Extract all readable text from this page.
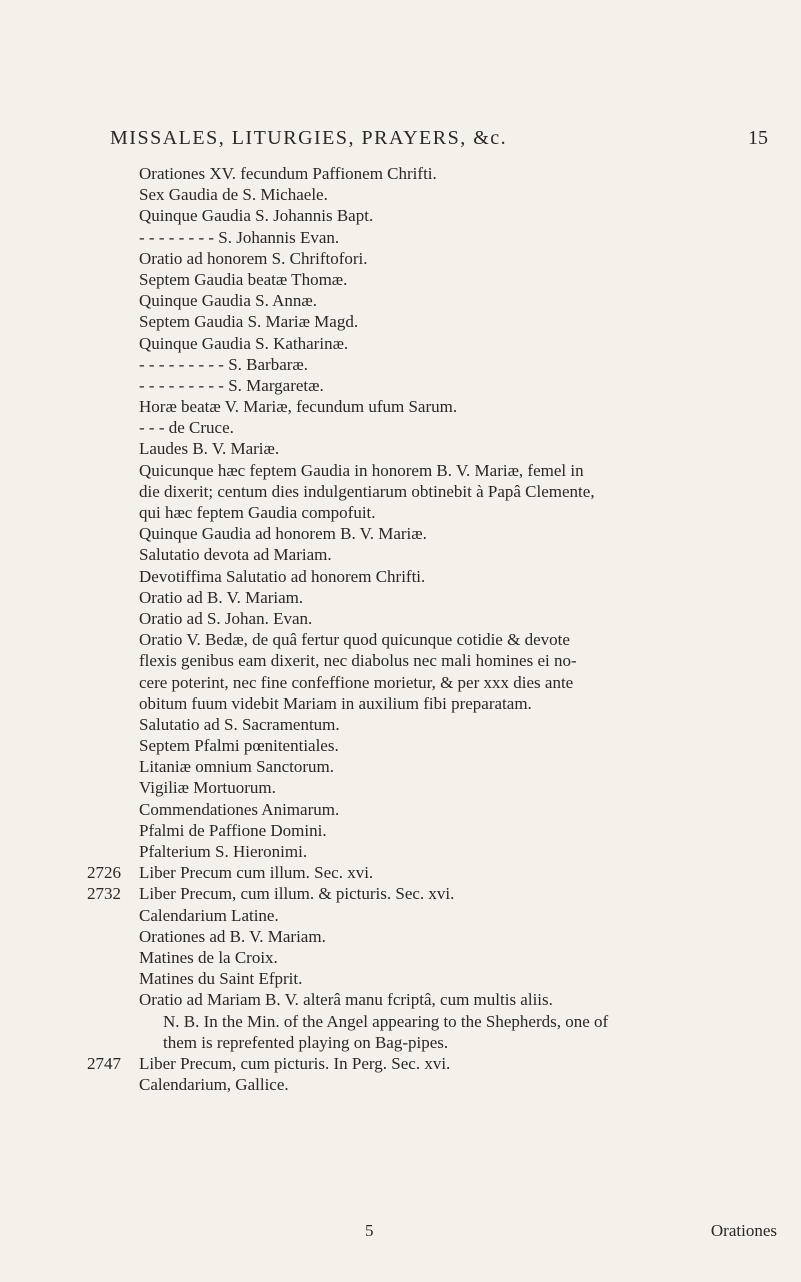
MISSALES, LITURGIES, PRAYERS, &c.	15
Orationes XV. fecundum Paffionem Chrifti.
Sex Gaudia de S. Michaele.
Quinque Gaudia S. Johannis Bapt.
- - - - - - - - S. Johannis Evan.
Oratio ad honorem S. Chriftofori.
Septem Gaudia beatæ Thomæ.
Quinque Gaudia S. Annæ.
Septem Gaudia S. Mariæ Magd.
Quinque Gaudia S. Katharinæ.
- - - - - - - - - S. Barbaræ.
- - - - - - - - - S. Margaretæ.
Horæ beatæ V. Mariæ, fecundum ufum Sarum.
- - - de Cruce.
Laudes B. V. Mariæ.
Quicunque hæc feptem Gaudia in honorem B. V. Mariæ, femel in
die dixerit; centum dies indulgentiarum obtinebit à Papâ Clemente,
qui hæc feptem Gaudia compofuit.
Quinque Gaudia ad honorem B. V. Mariæ.
Salutatio devota ad Mariam.
Devotiffima Salutatio ad honorem Chrifti.
Oratio ad B. V. Mariam.
Oratio ad S. Johan. Evan.
Oratio V. Bedæ, de quâ fertur quod quicunque cotidie & devote
flexis genibus eam dixerit, nec diabolus nec mali homines ei no-
cere poterint, nec fine confeffione morietur, & per xxx dies ante
obitum fuum videbit Mariam in auxilium fibi preparatam.
Salutatio ad S. Sacramentum.
Septem Pfalmi pœnitentiales.
Litaniæ omnium Sanctorum.
Vigiliæ Mortuorum.
Commendationes Animarum.
Pfalmi de Paffione Domini.
Pfalterium S. Hieronimi.
2726 Liber Precum cum illum. Sec. xvi.
2732 Liber Precum, cum illum. & picturis. Sec. xvi.
Calendarium Latine.
Orationes ad B. V. Mariam.
Matines de la Croix.
Matines du Saint Efprit.
Oratio ad Mariam B. V. alterâ manu fcriptâ, cum multis aliis.
N. B. In the Min. of the Angel appearing to the Shepherds, one of
them is reprefented playing on Bag-pipes.
2747 Liber Precum, cum picturis. In Perg. Sec. xvi.
Calendarium, Gallice.
5	Orationes
